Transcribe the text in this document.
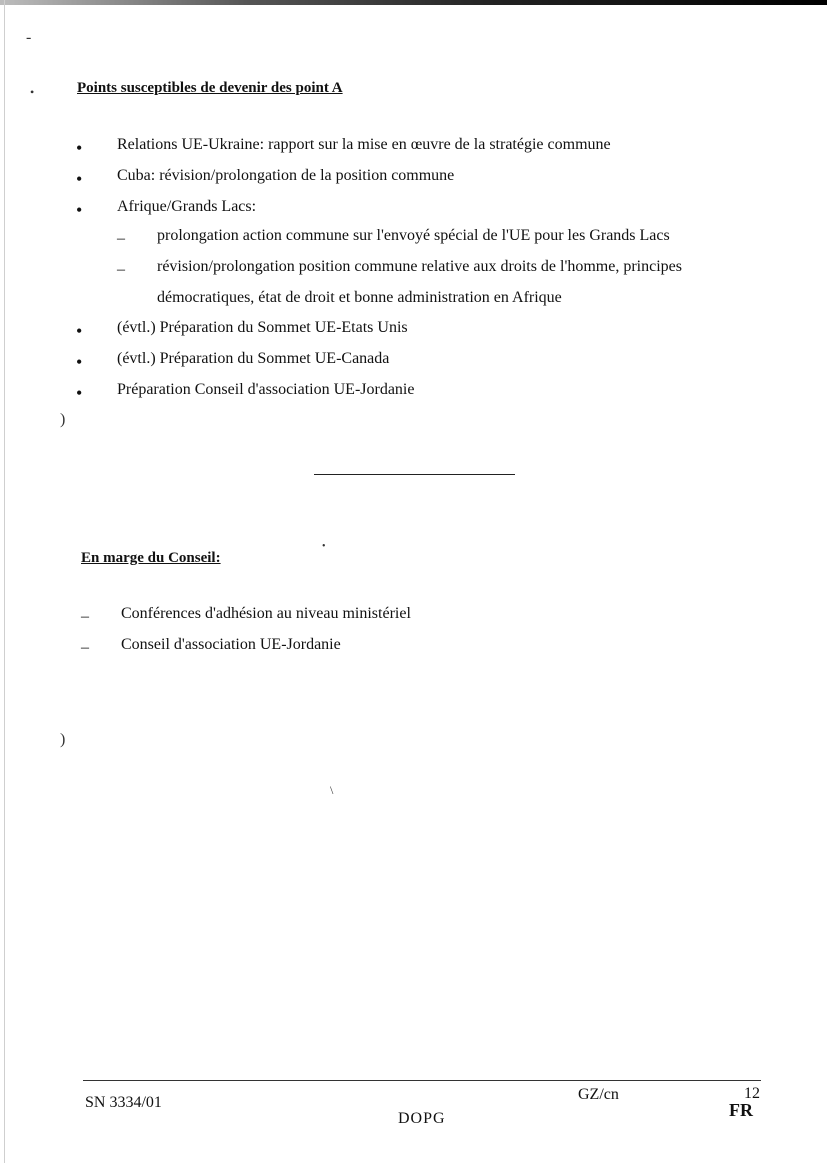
-
•
)
)
•
\
Points susceptibles de devenir des point A
• Relations UE-Ukraine: rapport sur la mise en œuvre de la stratégie commune
• Cuba: révision/prolongation de la position commune
• Afrique/Grands Lacs:
– prolongation action commune sur l'envoyé spécial de l'UE pour les Grands Lacs
– révision/prolongation position commune relative aux droits de l'homme, principes
démocratiques, état de droit et bonne administration en Afrique
• (évtl.) Préparation du Sommet UE-Etats Unis
• (évtl.) Préparation du Sommet UE-Canada
• Préparation Conseil d'association UE-Jordanie
En marge du Conseil:
– Conférences d'adhésion au niveau ministériel
– Conseil d'association UE-Jordanie
SN 3334/01	GZ/cn	12
DOPG	FR
